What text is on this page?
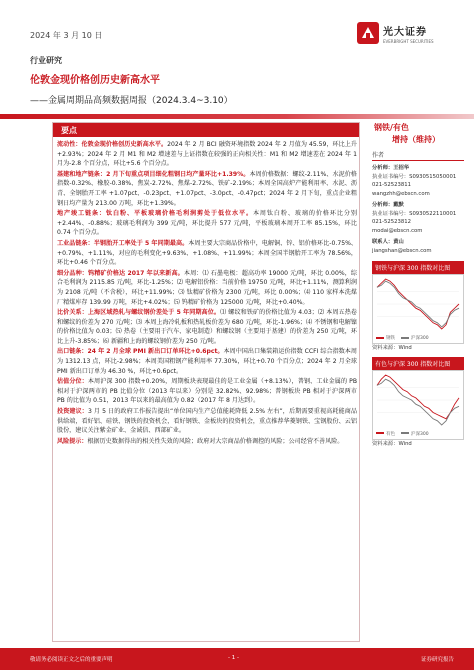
2024 年 3 月 10 日	光大证券
EVERBRIGHT SECURITIES
行业研究
伦敦金现价格创历史新高水平
——金属周期品高频数据周报（2024.3.4~3.10）
要点
流动性：伦敦金现价格创历史新高水平。2024 年 2 月 BCI 融资环境指数 2024 年 2 月值为 45.59，环比上升+2.93%；2024 年 2 月 M1 和 M2 增速差与上证指数在较强的正向相关性：M1 和 M2 增速差在 2024 年 1 月为-2.8 个百分点，环比+5.6 个百分点。
基建和地产链条：2 月下旬重点项目细化粗钢日均产量环比+1.39%。本周价格数据：螺纹-2.11%、水泥价格指数-0.32%、橡胶-0.38%、焦炭-2.72%、焦煤-2.72%、铁矿-2.19%；本周全国高炉产能利用率、水泥、沥青、全钢胎开工率 +1.07pct、-0.23pct、+1.07pct、-3.0pct、-0.47pct；2024 年 2 月下旬，重点企业粗钢日均产量为 213.00 万吨，环比+1.39%。
地产竣工链条：钛白粉、平板玻璃价格毛利润剪处于低位水平。本周钛白粉、玻璃的价格环比分别+2.44%、-0.88%；玻璃毛利润为 399 元/吨，环比提升 577 元/吨，平板玻璃本周开工率 85.15%，环比 0.74 个百分点。
工业品链条：半钢胎开工率处于 5 年同期最高。本周主要大宗商品价格中，电解铜、锌、铝价格环比-0.75%、+0.79%、+1.11%，对应的毛利变化+9.63%、+1.08%、+11.99%；本周全国半钢胎开工率为 78.56%，环比+0.46 个百分点。
细分品种：钨精矿价格达 2017 年以来新高。本周：⑴ 石墨电极：超高功率 19000 元/吨，环比 0.00%，综合毛利润为 2115.85 元/吨，环比-1.25%；⑵ 电解铝价格：当前价格 19750 元/吨，环比+1.11%，测算利润为 2108 元/吨（不含税），环比+11.99%；⑶ 钛精矿价格为 2300 元/吨，环比 0.00%；⑷ 110 家样本洗煤厂精煤库存 139.99 万吨，环比+4.02%；⑸ 钨精矿价格为 125000 元/吨，环比+0.40%。
比价关系：上海区域热轧与螺纹钢价差处于 5 年同期高位。⑴ 螺纹和铁矿的价格比值为 4.03；⑵ 本周五热卷和螺纹的价差为 270 元/吨；⑶ 本周上海冷轧板和热轧板价差为 680 元/吨，环比-1.96%；⑷ 不锈钢和电解镍的价格比值为 0.03；⑸ 热卷（主要用于汽车、家电制造）和螺纹钢（主要用于基建）的价差为 250 元/吨，环比上升-3.85%；⑹ 新疆和上海的螺纹钢价差为 250 元/吨。
出口链条：24 年 2 月全球 PMI 新出口订单环比+0.6pct。本周中国出口集装箱运价指数 CCFI 综合指数本周为 1312.13 点，环比-2.98%；本周美国粗钢产能利用率 77.30%，环比+0.70 个百分点；2024 年 2 月全球 PMI 新出口订单为 46.30 %，环比+0.6pct。
估值分位：本周沪深 300 指数+0.20%，周期板块表现最佳的是工业金属（+8.13%），普钢、工业金属的 PB 相对于沪深两市的 PB 比值分位（2013 年以来）分别是 32.82%、92.98%；普钢板块 PB 相对于沪深两市 PB 的比值为 0.51，2013 年以来的最高值为 0.82（2017 年 8 月达到）。
投资建议：3 月 5 日的政府工作报告提出“单位国内生产总值能耗降低 2.5% 左右”，后期需要重视高耗能商品供给端，看好铝、硅铁、钢铁的投资机会，看好钢铁、金板块的投资机会，重点推荐华菱钢铁、宝钢股份、云铝股份，建议关注紫金矿业、金诚信、西部矿业。
风险提示：根据历史数据得出的相关性失效的风险；政府对大宗商品价格调控的风险；公司经营不善风险。
钢铁/有色
增持（维持）
作者
分析师：王招华
执业证书编号：S0930515050001
021-52523811
wangzhh@ebscn.com
分析师：戴默
执业证书编号：S0930522110001
021-52523812
modai@ebscn.com
联系人：黄山
jiangshan@ebscn.com
钢铁与沪深 300 指数对比图
钢铁	沪深300
资料来源：Wind
有色与沪深 300 指数对比图
有色	沪深300
资料来源：Wind
敬请务必阅读正文之后的重要声明	- 1 -	证券研究报告
